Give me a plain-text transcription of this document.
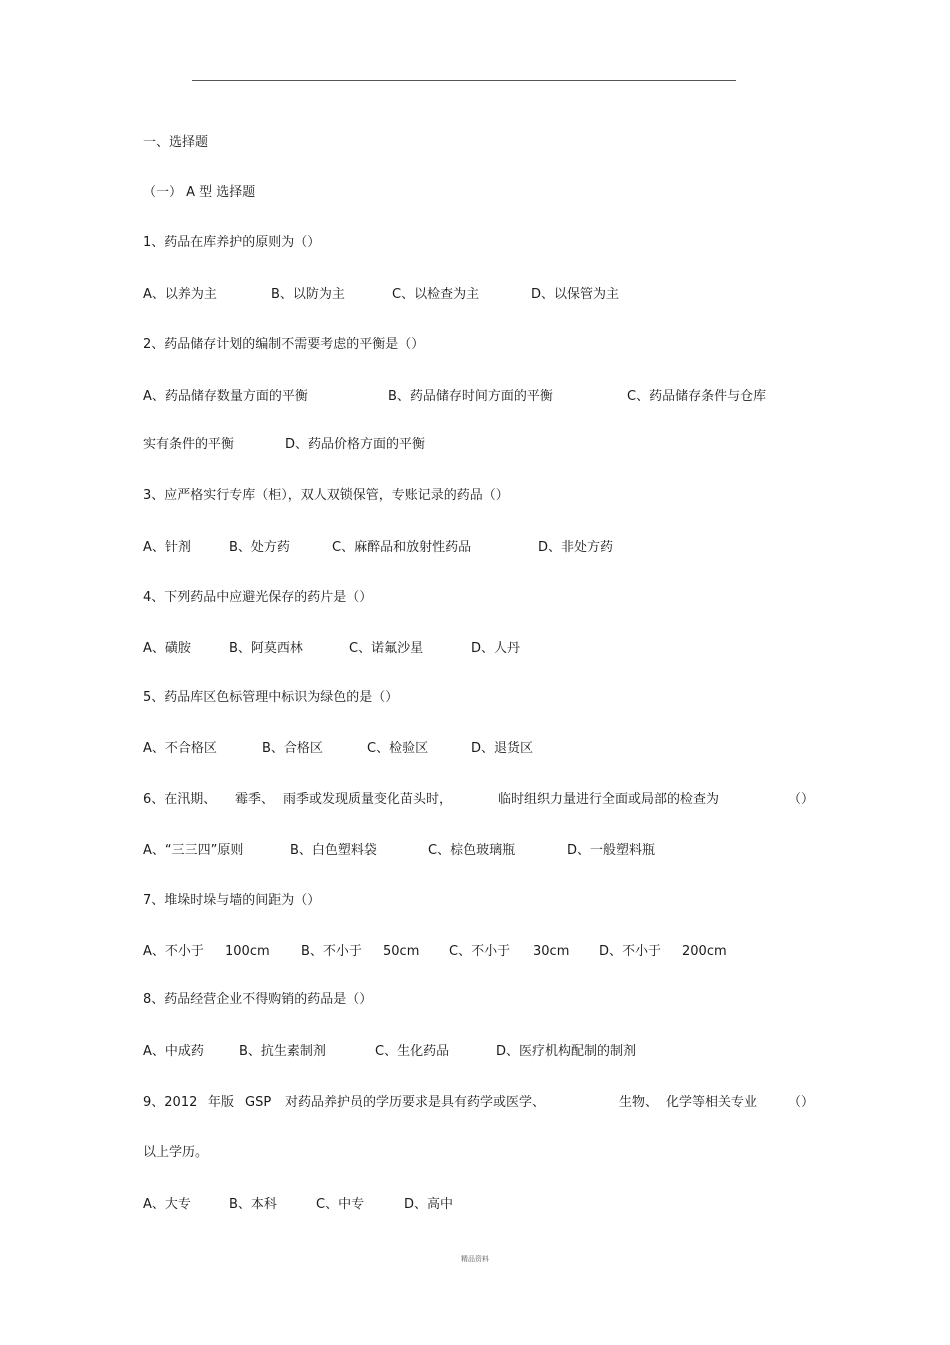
一、选择题
（一） A 型 选择题
1、药品在库养护的原则为（）
A、以养为主	B、以防为主	C、以检查为主	D、以保管为主
2、药品储存计划的编制不需要考虑的平衡是（）
A、药品储存数量方面的平衡	B、药品储存时间方面的平衡	C、药品储存条件与仓库
实有条件的平衡	D、药品价格方面的平衡
3、应严格实行专库（柜），双人双锁保管，专账记录的药品（）
A、针剂	B、处方药	C、麻醉品和放射性药品	D、非处方药
4、下列药品中应避光保存的药片是（）
A、磺胺	B、阿莫西林	C、诺氟沙星	D、人丹
5、药品库区色标管理中标识为绿色的是（）
A、不合格区	B、合格区	C、检验区	D、退货区
6、在汛期、 霉季、 雨季或发现质量变化苗头时，	临时组织力量进行全面或局部的检查为	（）
A、“三三四”原则	B、白色塑料袋	C、棕色玻璃瓶	D、一般塑料瓶
7、堆垛时垛与墙的间距为（）
A、不小于 100cm B、不小于 50cm C、不小于 30cm D、不小于 200cm
8、药品经营企业不得购销的药品是（）
A、中成药	B、抗生素制剂	C、生化药品	D、医疗机构配制的制剂
9、2012 年版 GSP 对药品养护员的学历要求是具有药学或医学、	生物、 化学等相关专业 （）
以上学历。
A、大专	B、本科	C、中专	D、高中
精品资料
